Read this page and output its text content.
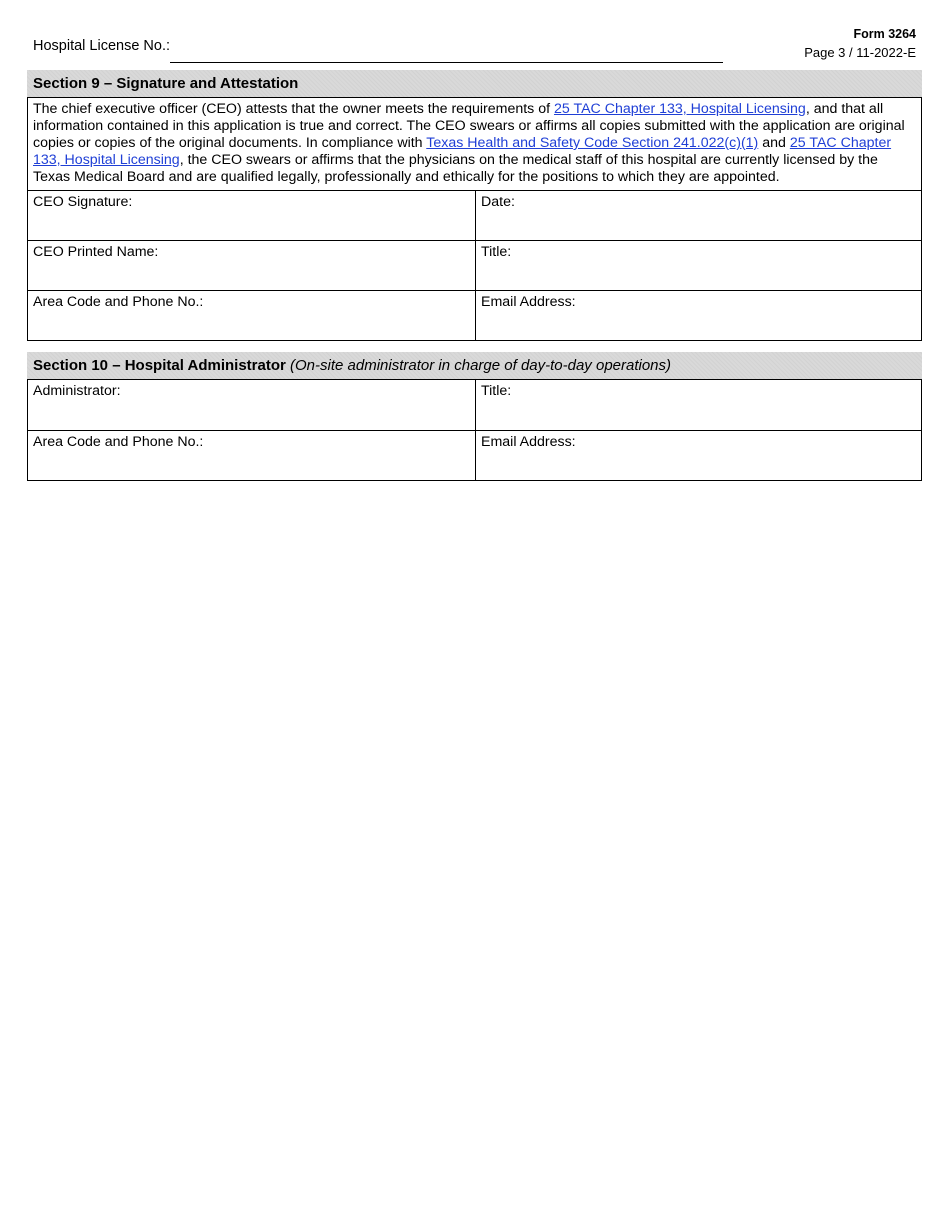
Hospital License No.:
Form 3264
Page 3 / 11-2022-E
Section 9 – Signature and Attestation
The chief executive officer (CEO) attests that the owner meets the requirements of 25 TAC Chapter 133, Hospital Licensing, and that all information contained in this application is true and correct. The CEO swears or affirms all copies submitted with the application are original copies or copies of the original documents. In compliance with Texas Health and Safety Code Section 241.022(c)(1) and 25 TAC Chapter 133, Hospital Licensing, the CEO swears or affirms that the physicians on the medical staff of this hospital are currently licensed by the Texas Medical Board and are qualified legally, professionally and ethically for the positions to which they are appointed.
CEO Signature:	Date:
CEO Printed Name:	Title:
Area Code and Phone No.:	Email Address:
Section 10 – Hospital Administrator (On-site administrator in charge of day-to-day operations)
Administrator:	Title:
Area Code and Phone No.:	Email Address:
